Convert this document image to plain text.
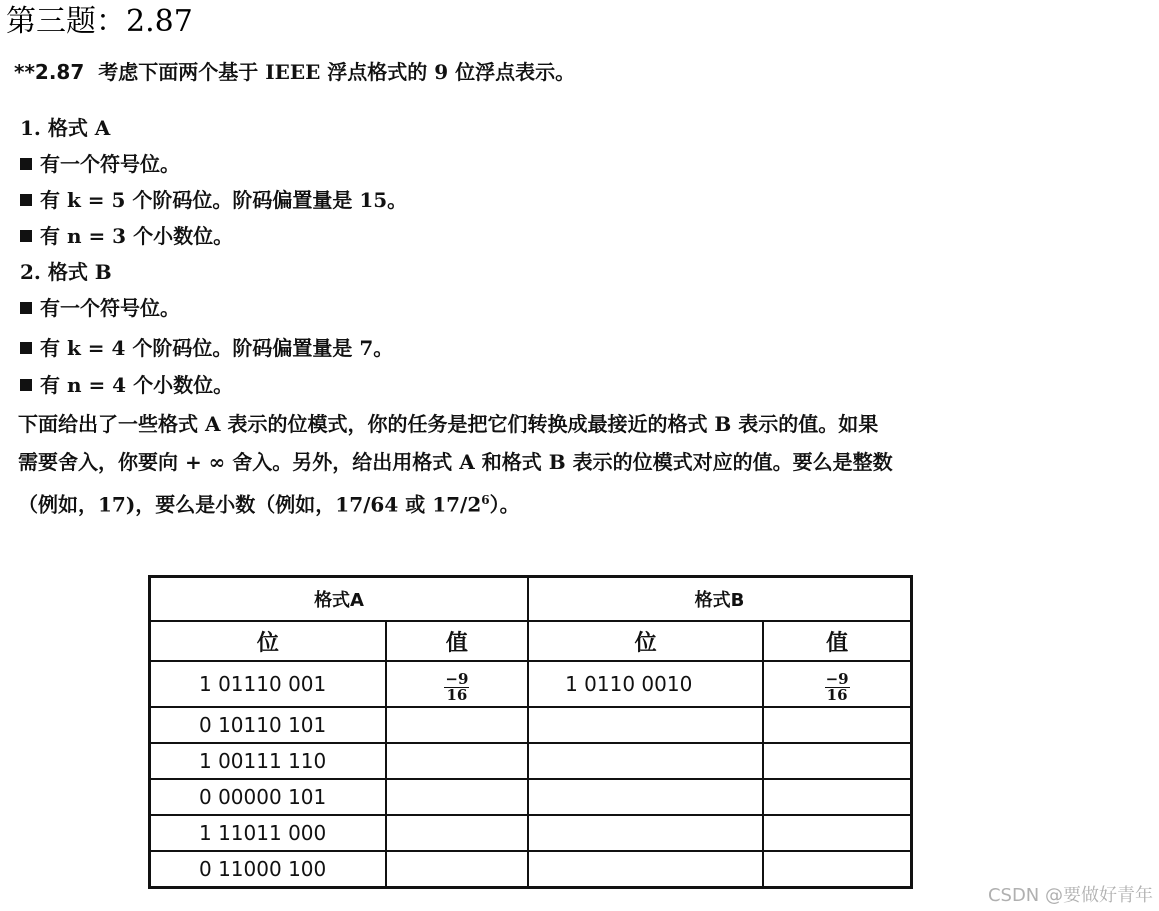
第三题：2.87
**2.87 考虑下面两个基于 IEEE 浮点格式的 9 位浮点表示。
1. 格式 A
有一个符号位。
有 k = 5 个阶码位。阶码偏置量是 15。
有 n = 3 个小数位。
2. 格式 B
有一个符号位。
有 k = 4 个阶码位。阶码偏置量是 7。
有 n = 4 个小数位。

下面给出了一些格式 A 表示的位模式，你的任务是把它们转换成最接近的格式 B 表示的值。如果

需要舍入，你要向 + ∞ 舍入。另外，给出用格式 A 和格式 B 表示的位模式对应的值。要么是整数

（例如，17)，要么是小数（例如，17/64 或 $17/2^6$）。

格式A		格式B	
位	值	位	值
1 01110 001	$\frac{-9}{16}$	1 0110 0010	$\frac{-9}{16}$

0 10110 101			
1 00111 110			
0 00000 101			
1 11011 000			
0 11000 100			
CSDN @要做好青年
